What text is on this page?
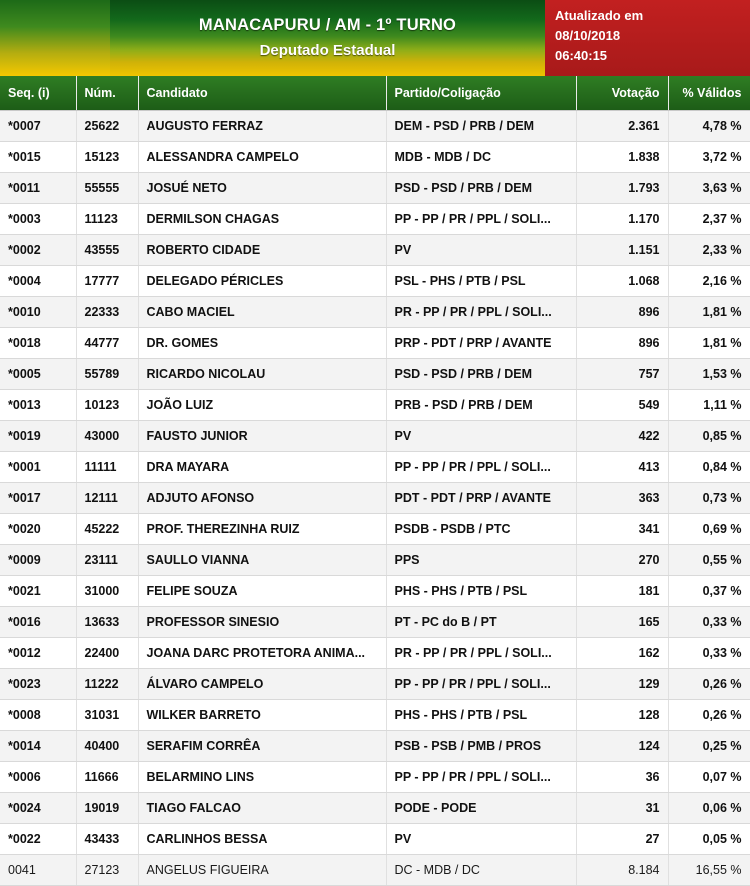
MANACAPURU / AM - 1º TURNO
Deputado Estadual
Atualizado em
08/10/2018
06:40:15
Seq. (i)	Núm.	Candidato	Partido/Coligação	Votação	% Válidos
*0007	25622	AUGUSTO FERRAZ	DEM - PSD / PRB / DEM	2.361	4,78 %
*0015	15123	ALESSANDRA CAMPELO	MDB - MDB / DC	1.838	3,72 %
*0011	55555	JOSUÉ NETO	PSD - PSD / PRB / DEM	1.793	3,63 %
*0003	11123	DERMILSON CHAGAS	PP - PP / PR / PPL / SOLI...	1.170	2,37 %
*0002	43555	ROBERTO CIDADE	PV	1.151	2,33 %
*0004	17777	DELEGADO PÉRICLES	PSL - PHS / PTB / PSL	1.068	2,16 %
*0010	22333	CABO MACIEL	PR - PP / PR / PPL / SOLI...	896	1,81 %
*0018	44777	DR. GOMES	PRP - PDT / PRP / AVANTE	896	1,81 %
*0005	55789	RICARDO NICOLAU	PSD - PSD / PRB / DEM	757	1,53 %
*0013	10123	JOÃO LUIZ	PRB - PSD / PRB / DEM	549	1,11 %
*0019	43000	FAUSTO JUNIOR	PV	422	0,85 %
*0001	11111	DRA MAYARA	PP - PP / PR / PPL / SOLI...	413	0,84 %
*0017	12111	ADJUTO AFONSO	PDT - PDT / PRP / AVANTE	363	0,73 %
*0020	45222	PROF. THEREZINHA RUIZ	PSDB - PSDB / PTC	341	0,69 %
*0009	23111	SAULLO VIANNA	PPS	270	0,55 %
*0021	31000	FELIPE SOUZA	PHS - PHS / PTB / PSL	181	0,37 %
*0016	13633	PROFESSOR SINESIO	PT - PC do B / PT	165	0,33 %
*0012	22400	JOANA DARC PROTETORA ANIMA...	PR - PP / PR / PPL / SOLI...	162	0,33 %
*0023	11222	ÁLVARO CAMPELO	PP - PP / PR / PPL / SOLI...	129	0,26 %
*0008	31031	WILKER BARRETO	PHS - PHS / PTB / PSL	128	0,26 %
*0014	40400	SERAFIM CORRÊA	PSB - PSB / PMB / PROS	124	0,25 %
*0006	11666	BELARMINO LINS	PP - PP / PR / PPL / SOLI...	36	0,07 %
*0024	19019	TIAGO FALCAO	PODE - PODE	31	0,06 %
*0022	43433	CARLINHOS BESSA	PV	27	0,05 %
0041	27123	ANGELUS FIGUEIRA	DC - MDB / DC	8.184	16,55 %
